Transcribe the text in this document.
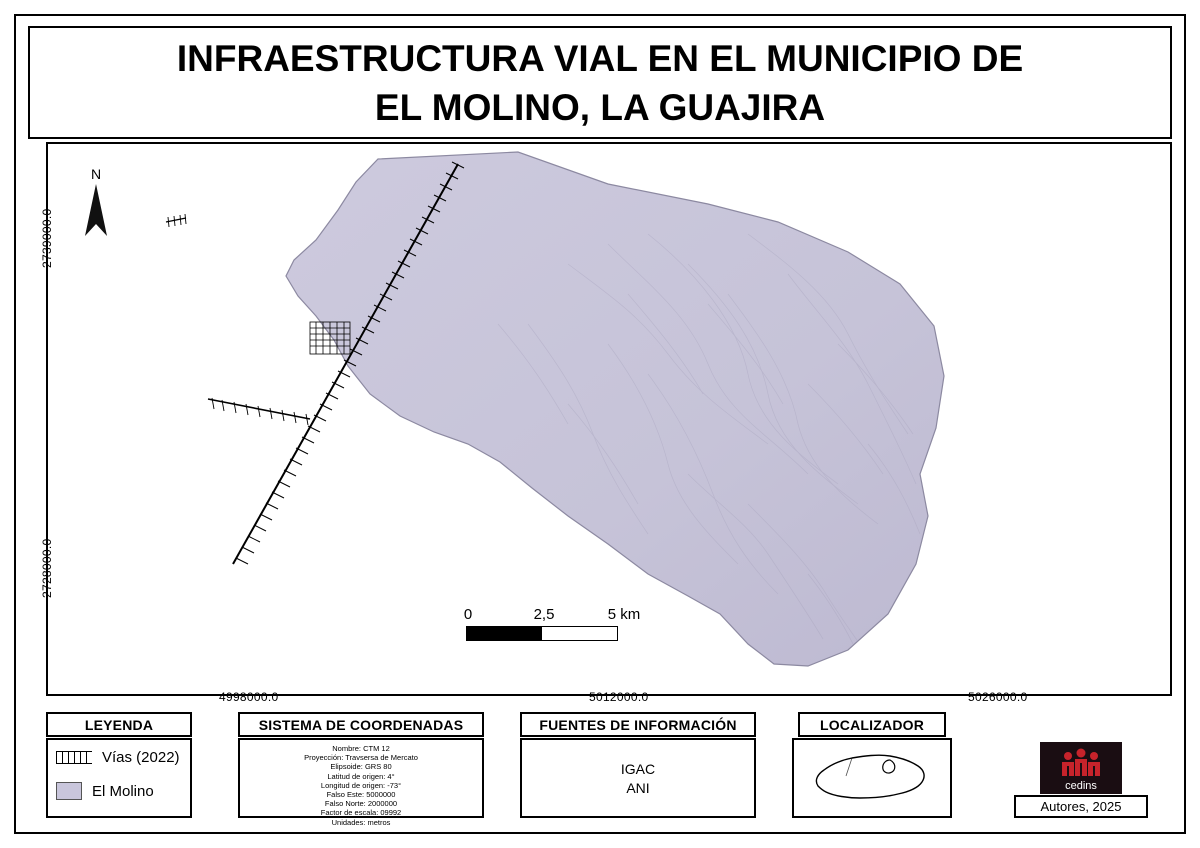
INFRAESTRUCTURA VIAL EN EL MUNICIPIO DE
EL MOLINO, LA GUAJIRA
N
0	2,5	5 km
2739000.0
2728000.0
4998000.0	5012000.0	5026000.0
LEYENDA
Vías (2022)
El Molino
SISTEMA DE COORDENADAS
Nombre: CTM 12
Proyección: Travsersa de Mercato
Elipsoide: GRS 80
Latitud de origen: 4°
Longitud de origen: -73°
Falso Este: 5000000
Falso Norte: 2000000
Factor de escala: 09992
Unidades: metros
FUENTES DE INFORMACIÓN
IGAC
ANI
LOCALIZADOR
cedins
Autores, 2025
